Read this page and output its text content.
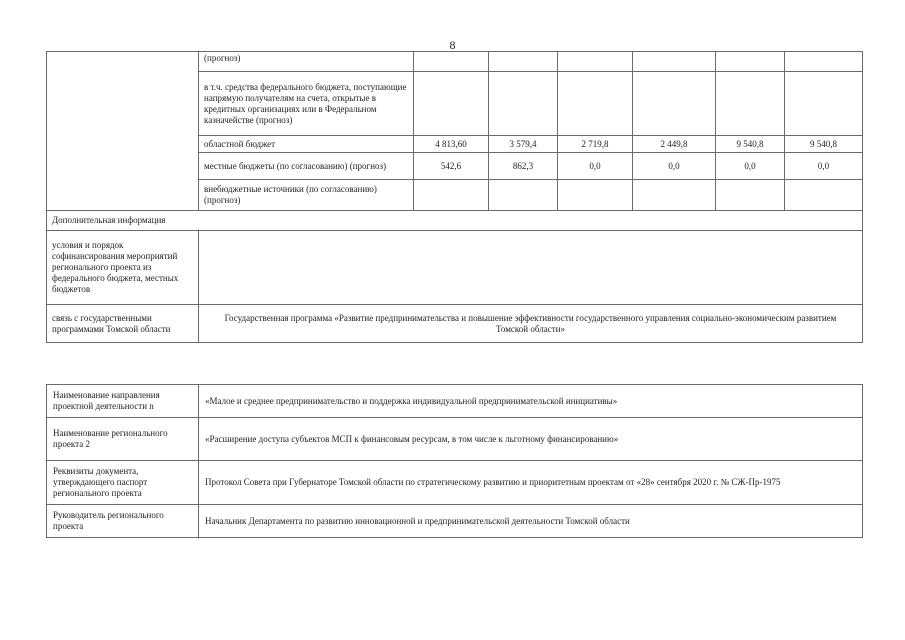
8
	(прогноз)						
	в т.ч. средства федерального бюджета, поступающие напрямую получателям на счета, открытые в кредитных организациях или в Федеральном казначействе (прогноз)						
	областной бюджет	4 813,60	3 579,4	2 719,8	2 449,8	9 540,8	9 540,8
	местные бюджеты (по согласованию) (прогноз)	542,6	862,3	0,0	0,0	0,0	0,0
	внебюджетные источники (по согласованию) (прогноз)						
Дополнительная информация							
условия и порядок софинансирования мероприятий регионального проекта из федерального бюджета, местных бюджетов							
связь с государственными программами Томской области	Государственная программа «Развитие предпринимательства и повышение эффективности государственного управления социально-экономическим развитием Томской области»						
Наименование направления проектной деятельности n	«Малое и среднее предпринимательство и поддержка индивидуальной предпринимательской инициативы»
Наименование регионального проекта 2	«Расширение доступа субъектов МСП к финансовым ресурсам, в том числе к льготному финансированию»
Реквизиты документа, утверждающего паспорт регионального проекта	Протокол Совета при Губернаторе Томской области по стратегическому развитию и приоритетным проектам от «28» сентября 2020 г. № СЖ-Пр-1975
Руководитель регионального проекта	Начальник Департамента по развитию инновационной и предпринимательской деятельности Томской области
